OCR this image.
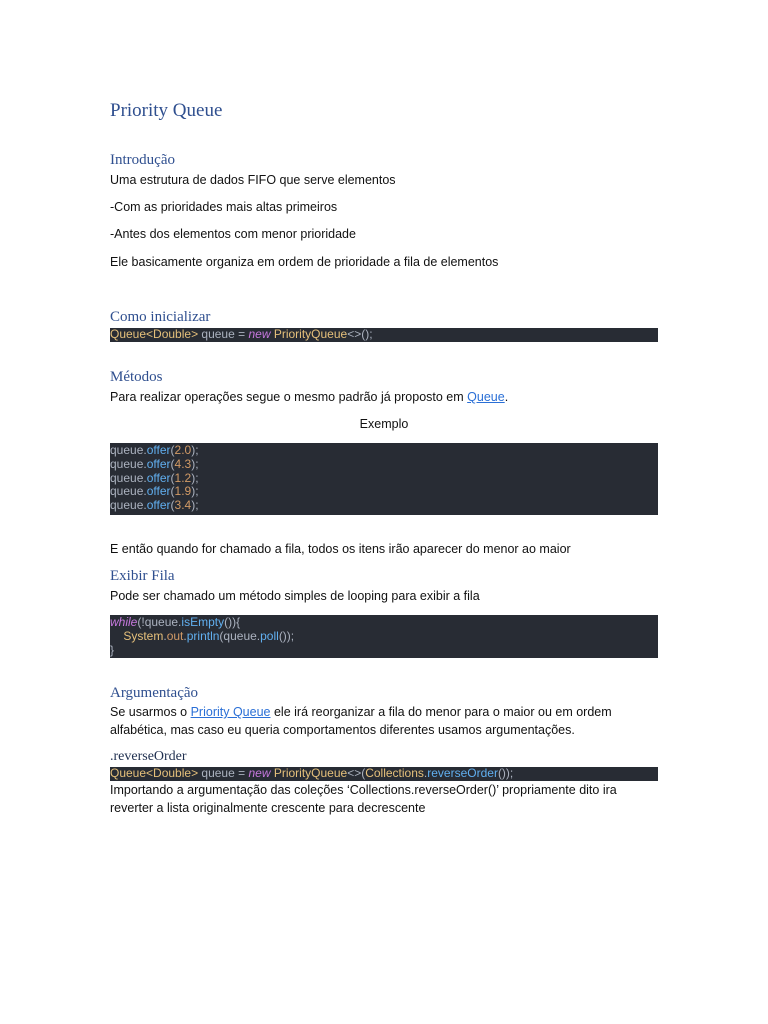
Priority Queue
Introdução
Uma estrutura de dados FIFO que serve elementos
-Com as prioridades mais altas primeiros
-Antes dos elementos com menor prioridade
Ele basicamente organiza em ordem de prioridade a fila de elementos
Como inicializar
Queue<Double> queue = new PriorityQueue<>();
Métodos
Para realizar operações segue o mesmo padrão já proposto em Queue.
Exemplo
queue.offer(2.0);
queue.offer(4.3);
queue.offer(1.2);
queue.offer(1.9);
queue.offer(3.4);
E então quando for chamado a fila, todos os itens irão aparecer do menor ao maior
Exibir Fila
Pode ser chamado um método simples de looping para exibir a fila
while(!queue.isEmpty()){
System.out.println(queue.poll());
}
Argumentação
Se usarmos o Priority Queue ele irá reorganizar a fila do menor para o maior ou em ordem alfabética, mas caso eu queria comportamentos diferentes usamos argumentações.
.reverseOrder
Queue<Double> queue = new PriorityQueue<>(Collections.reverseOrder());
Importando a argumentação das coleções ‘Collections.reverseOrder()’ propriamente dito ira reverter a lista originalmente crescente para decrescente
